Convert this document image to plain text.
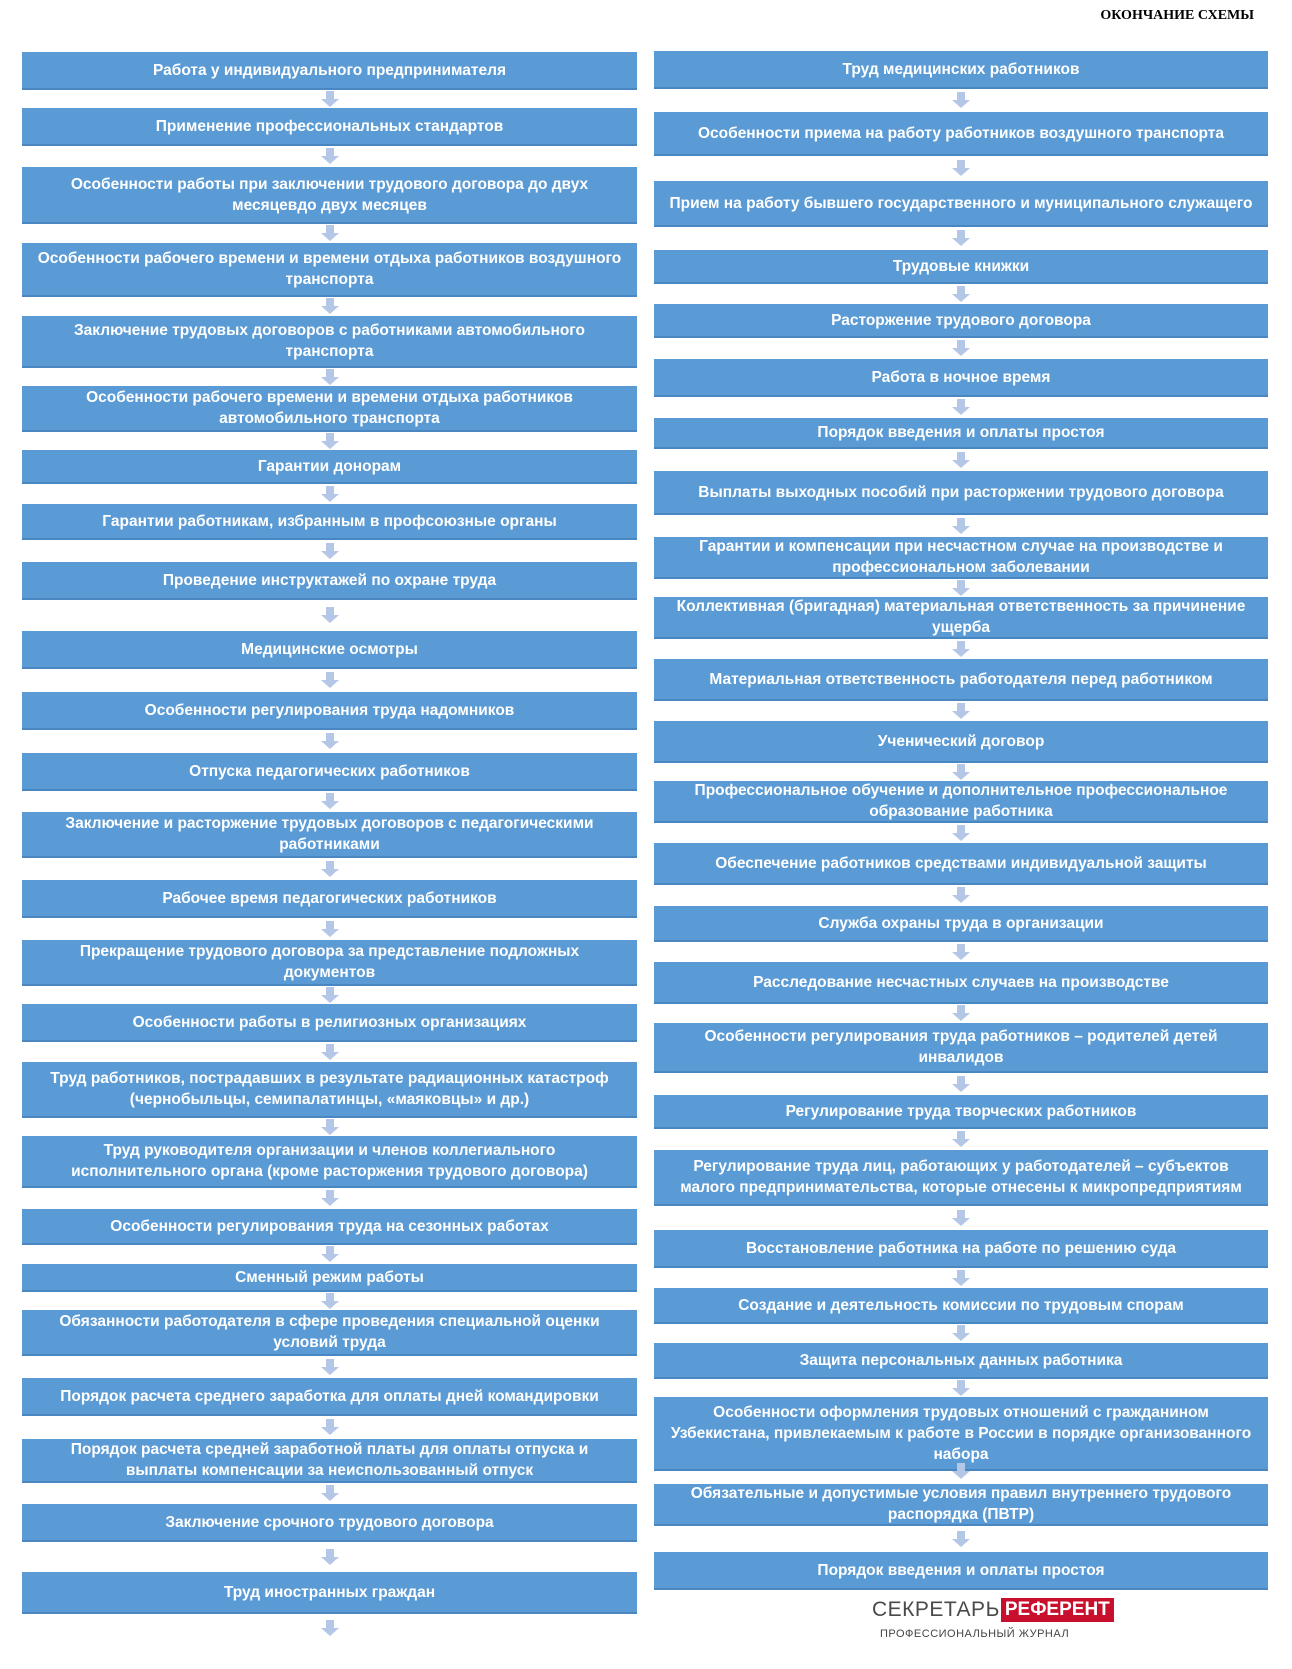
ОКОНЧАНИЕ СХЕМЫ
Работа у индивидуального предпринимателя
Применение профессиональных стандартов
Особенности работы при заключении трудового договора до двух месяцевдо двух месяцев
Особенности рабочего времени и времени отдыха работников воздушного транспорта
Заключение трудовых договоров с работниками автомобильного транспорта
Особенности рабочего времени и времени отдыха работников автомобильного транспорта
Гарантии донорам
Гарантии работникам, избранным в профсоюзные органы
Проведение инструктажей по охране труда
Медицинские осмотры
Особенности регулирования труда надомников
Отпуска педагогических работников
Заключение и расторжение трудовых договоров с педагогическими работниками
Рабочее время педагогических работников
Прекращение трудового договора за представление подложных документов
Особенности работы в религиозных организациях
Труд работников, пострадавших в результате радиационных катастроф (чернобыльцы, семипалатинцы, «маяковцы» и др.)
Труд руководителя организации и членов коллегиального исполнительного органа (кроме расторжения трудового договора)
Особенности регулирования труда на сезонных работах
Сменный режим работы
Обязанности работодателя в сфере проведения специальной оценки условий труда
Порядок расчета среднего заработка для оплаты дней командировки
Порядок расчета средней заработной платы для оплаты отпуска и выплаты компенсации за неиспользованный отпуск
Заключение срочного трудового договора
Труд иностранных граждан
Труд медицинских работников
Особенности приема на работу работников воздушного транспорта
Прием на работу бывшего государственного и муниципального служащего
Трудовые книжки
Расторжение трудового договора
Работа в ночное время
Порядок введения и оплаты простоя
Выплаты выходных пособий при расторжении трудового договора
Гарантии и компенсации при несчастном случае на производстве и профессиональном заболевании
Коллективная (бригадная) материальная ответственность за причинение ущерба
Материальная ответственность работодателя перед работником
Ученический договор
Профессиональное обучение и дополнительное профессиональное образование работника
Обеспечение работников средствами индивидуальной защиты
Служба охраны труда в организации
Расследование несчастных случаев на производстве
Особенности регулирования труда работников – родителей детей инвалидов
Регулирование труда творческих работников
Регулирование труда лиц, работающих у работодателей – субъектов малого предпринимательства, которые отнесены к микропредприятиям
Восстановление работника на работе по решению суда
Создание и деятельность комиссии по трудовым спорам
Защита персональных данных работника
Особенности оформления трудовых отношений с гражданином Узбекистана, привлекаемым к работе в России в порядке организованного набора
Обязательные и допустимые условия правил внутреннего трудового распорядка (ПВТР)
Порядок введения и оплаты простоя
СЕКРЕТАРЬ РЕФЕРЕНТ
ПРОФЕССИОНАЛЬНЫЙ ЖУРНАЛ
